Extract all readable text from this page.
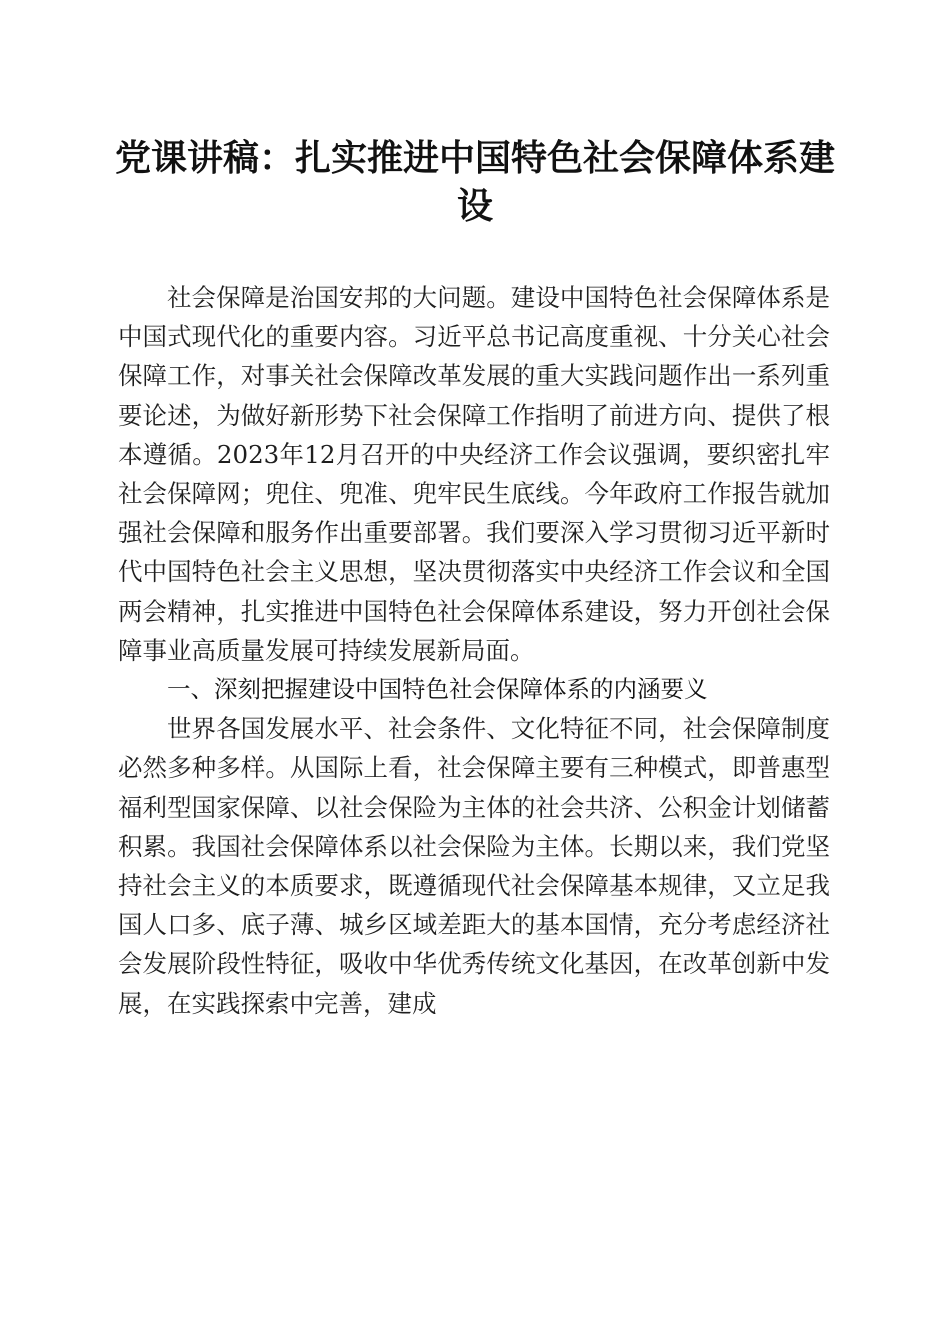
党课讲稿：扎实推进中国特色社会保障体系建
设

社会保障是治国安邦的大问题。建设中国特色社会保障体系是中国式现代化的重要内容。习近平总书记高度重视、十分关心社会保障工作，对事关社会保障改革发展的重大实践问题作出一系列重要论述，为做好新形势下社会保障工作指明了前进方向、提供了根本遵循。2023年12月召开的中央经济工作会议强调，要织密扎牢社会保障网；兜住、兜准、兜牢民生底线。今年政府工作报告就加强社会保障和服务作出重要部署。我们要深入学习贯彻习近平新时代中国特色社会主义思想，坚决贯彻落实中央经济工作会议和全国两会精神，扎实推进中国特色社会保障体系建设，努力开创社会保障事业高质量发展可持续发展新局面。

一、深刻把握建设中国特色社会保障体系的内涵要义

世界各国发展水平、社会条件、文化特征不同，社会保障制度必然多种多样。从国际上看，社会保障主要有三种模式，即普惠型福利型国家保障、以社会保险为主体的社会共济、公积金计划储蓄积累。我国社会保障体系以社会保险为主体。长期以来，我们党坚持社会主义的本质要求，既遵循现代社会保障基本规律，又立足我国人口多、底子薄、城乡区域差距大的基本国情，充分考虑经济社会发展阶段性特征，吸收中华优秀传统文化基因，在改革创新中发展，在实践探索中完善，建成
